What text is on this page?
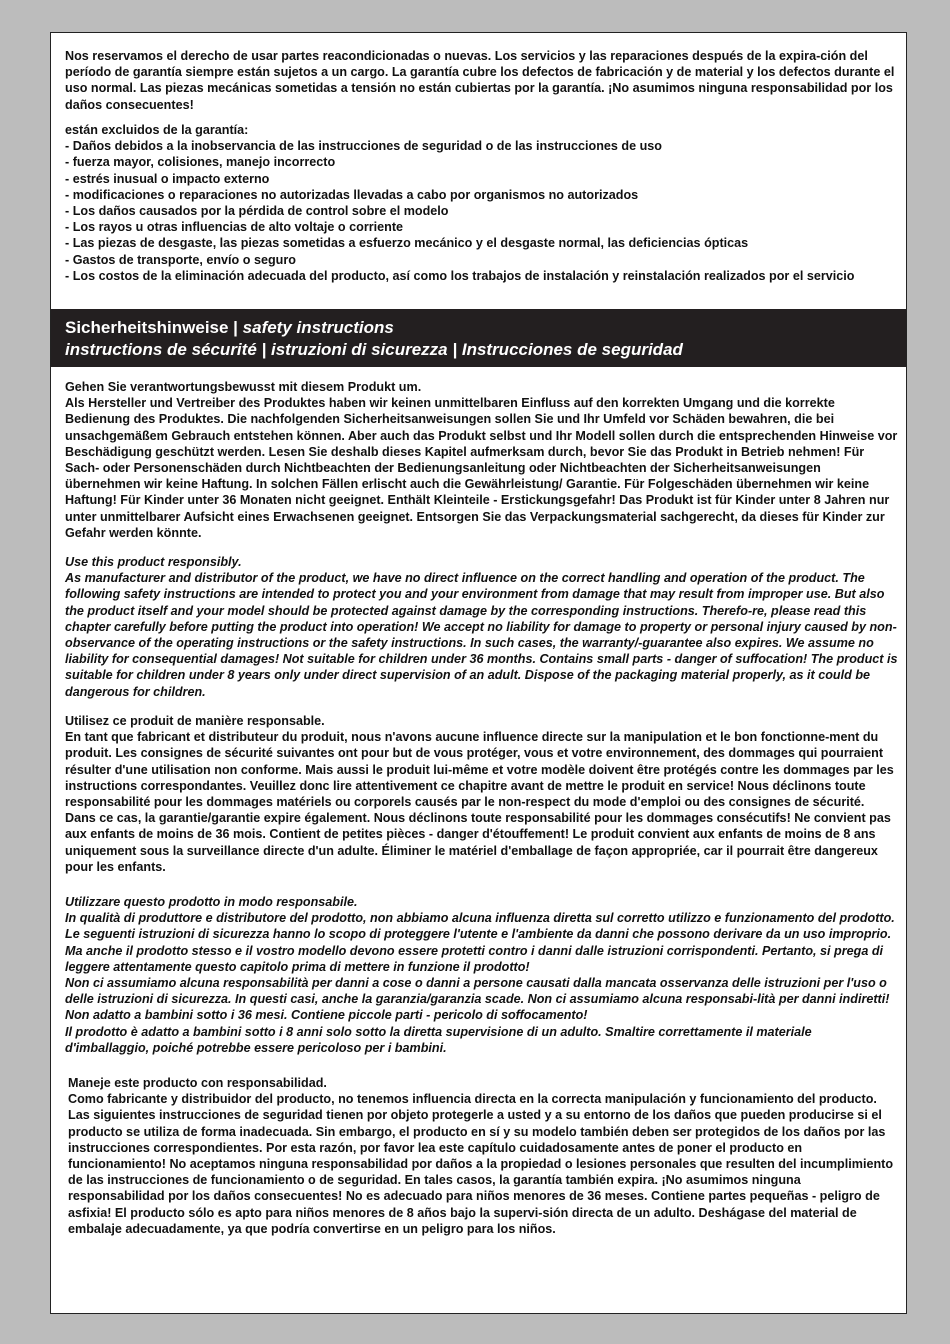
Nos reservamos el derecho de usar partes reacondicionadas o nuevas. Los servicios y las reparaciones después de la expira-ción del período de garantía siempre están sujetos a un cargo. La garantía cubre los defectos de fabricación y de material y los defectos durante el uso normal. Las piezas mecánicas sometidas a tensión no están cubiertas por la garantía. ¡No asumimos ninguna responsabilidad por los daños consecuentes!

están excluidos de la garantía:

- Daños debidos a la inobservancia de las instrucciones de seguridad o de las instrucciones de uso
- fuerza mayor, colisiones, manejo incorrecto
- estrés inusual o impacto externo
- modificaciones o reparaciones no autorizadas llevadas a cabo por organismos no autorizados
- Los daños causados por la pérdida de control sobre el modelo
- Los rayos u otras influencias de alto voltaje o corriente
- Las piezas de desgaste, las piezas sometidas a esfuerzo mecánico y el desgaste normal, las deficiencias ópticas
- Gastos de transporte, envío o seguro
- Los costos de la eliminación adecuada del producto, así como los trabajos de instalación y reinstalación realizados por el servicio
Sicherheitshinweise | safety instructions
instructions de sécurité | istruzioni di sicurezza | Instrucciones de seguridad

Gehen Sie verantwortungsbewusst mit diesem Produkt um.

Als Hersteller und Vertreiber des Produktes haben wir keinen unmittelbaren Einfluss auf den korrekten Umgang und die korrekte Bedienung des Produktes. Die nachfolgenden Sicherheitsanweisungen sollen Sie und Ihr Umfeld vor Schäden bewahren, die bei unsachgemäßem Gebrauch entstehen können. Aber auch das Produkt selbst und Ihr Modell sollen durch die entsprechenden Hinweise vor Beschädigung geschützt werden. Lesen Sie deshalb dieses Kapitel aufmerksam durch, bevor Sie das Produkt in Betrieb nehmen! Für Sach- oder Personenschäden durch Nichtbeachten der Bedienungsanleitung oder Nichtbeachten der Sicherheitsanweisungen übernehmen wir keine Haftung. In solchen Fällen erlischt auch die Gewährleistung/ Garantie. Für Folgeschäden übernehmen wir keine Haftung! Für Kinder unter 36 Monaten nicht geeignet. Enthält Kleinteile - Erstickungsgefahr! Das Produkt ist für Kinder unter 8 Jahren nur unter unmittelbarer Aufsicht eines Erwachsenen geeignet. Entsorgen Sie das Verpackungsmaterial sachgerecht, da dieses für Kinder zur Gefahr werden könnte.

Use this product responsibly.

As manufacturer and distributor of the product, we have no direct influence on the correct handling and operation of the product. The following safety instructions are intended to protect you and your environment from damage that may result from improper use. But also the product itself and your model should be protected against damage by the corresponding instructions. Therefo-re, please read this chapter carefully before putting the product into operation! We accept no liability for damage to property or personal injury caused by non-observance of the operating instructions or the safety instructions. In such cases, the warranty/-guarantee also expires. We assume no liability for consequential damages! Not suitable for children under 36 months. Contains small parts - danger of suffocation! The product is suitable for children under 8 years only under direct supervision of an adult. Dispose of the packaging material properly, as it could be dangerous for children.

Utilisez ce produit de manière responsable.

En tant que fabricant et distributeur du produit, nous n'avons aucune influence directe sur la manipulation et le bon fonctionne-ment du produit. Les consignes de sécurité suivantes ont pour but de vous protéger, vous et votre environnement, des dommages qui pourraient résulter d'une utilisation non conforme. Mais aussi le produit lui-même et votre modèle doivent être protégés contre les dommages par les instructions correspondantes. Veuillez donc lire attentivement ce chapitre avant de mettre le produit en service! Nous déclinons toute responsabilité pour les dommages matériels ou corporels causés par le non-respect du mode d'emploi ou des consignes de sécurité. Dans ce cas, la garantie/garantie expire également. Nous déclinons toute responsabilité pour les dommages consécutifs! Ne convient pas aux enfants de moins de 36 mois. Contient de petites pièces - danger d'étouffement! Le produit convient aux enfants de moins de 8 ans uniquement sous la surveillance directe d'un adulte. Éliminer le matériel d'emballage de façon appropriée, car il pourrait être dangereux pour les enfants.

Utilizzare questo prodotto in modo responsabile.

In qualità di produttore e distributore del prodotto, non abbiamo alcuna influenza diretta sul corretto utilizzo e funzionamento del prodotto. Le seguenti istruzioni di sicurezza hanno lo scopo di proteggere l'utente e l'ambiente da danni che possono derivare da un uso improprio. Ma anche il prodotto stesso e il vostro modello devono essere protetti contro i danni dalle istruzioni corrispondenti. Pertanto, si prega di leggere attentamente questo capitolo prima di mettere in funzione il prodotto!

Non ci assumiamo alcuna responsabilità per danni a cose o danni a persone causati dalla mancata osservanza delle istruzioni per l'uso o delle istruzioni di sicurezza. In questi casi, anche la garanzia/garanzia scade. Non ci assumiamo alcuna responsabi-lità per danni indiretti! Non adatto a bambini sotto i 36 mesi. Contiene piccole parti - pericolo di soffocamento!

Il prodotto è adatto a bambini sotto i 8 anni solo sotto la diretta supervisione di un adulto. Smaltire correttamente il materiale d'imballaggio, poiché potrebbe essere pericoloso per i bambini.

Maneje este producto con responsabilidad.

Como fabricante y distribuidor del producto, no tenemos influencia directa en la correcta manipulación y funcionamiento del producto. Las siguientes instrucciones de seguridad tienen por objeto protegerle a usted y a su entorno de los daños que pueden producirse si el producto se utiliza de forma inadecuada. Sin embargo, el producto en sí y su modelo también deben ser protegidos de los daños por las instrucciones correspondientes. Por esta razón, por favor lea este capítulo cuidadosamente antes de poner el producto en funcionamiento! No aceptamos ninguna responsabilidad por daños a la propiedad o lesiones personales que resulten del incumplimiento de las instrucciones de funcionamiento o de seguridad. En tales casos, la garantía también expira. ¡No asumimos ninguna responsabilidad por los daños consecuentes! No es adecuado para niños menores de 36 meses. Contiene partes pequeñas - peligro de asfixia! El producto sólo es apto para niños menores de 8 años bajo la supervi-sión directa de un adulto. Deshágase del material de embalaje adecuadamente, ya que podría convertirse en un peligro para los niños.
